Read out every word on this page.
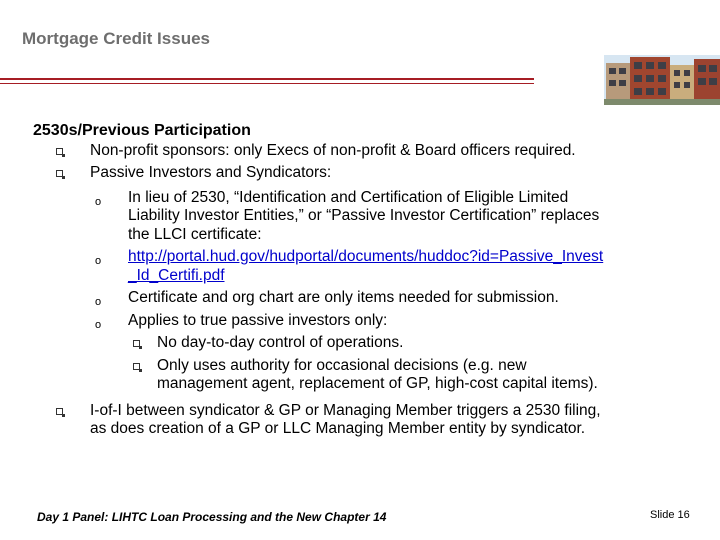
Mortgage Credit Issues
2530s/Previous Participation
Non-profit sponsors: only Execs of non-profit & Board officers required.
Passive Investors and Syndicators:
o In lieu of 2530, “Identification and Certification of Eligible Limited
Liability Investor Entities,” or “Passive Investor Certification” replaces
the LLCI certificate:
o http://portal.hud.gov/hudportal/documents/huddoc?id=Passive_Invest
_Id_Certifi.pdf
o Certificate and org chart are only items needed for submission.
o Applies to true passive investors only:
No day-to-day control of operations.
Only uses authority for occasional decisions (e.g. new
management agent, replacement of GP, high-cost capital items).
I-of-I between syndicator & GP or Managing Member triggers a 2530 filing,
as does creation of a GP or LLC Managing Member entity by syndicator.
Day 1 Panel: LIHTC Loan Processing and the New Chapter 14	Slide 16
